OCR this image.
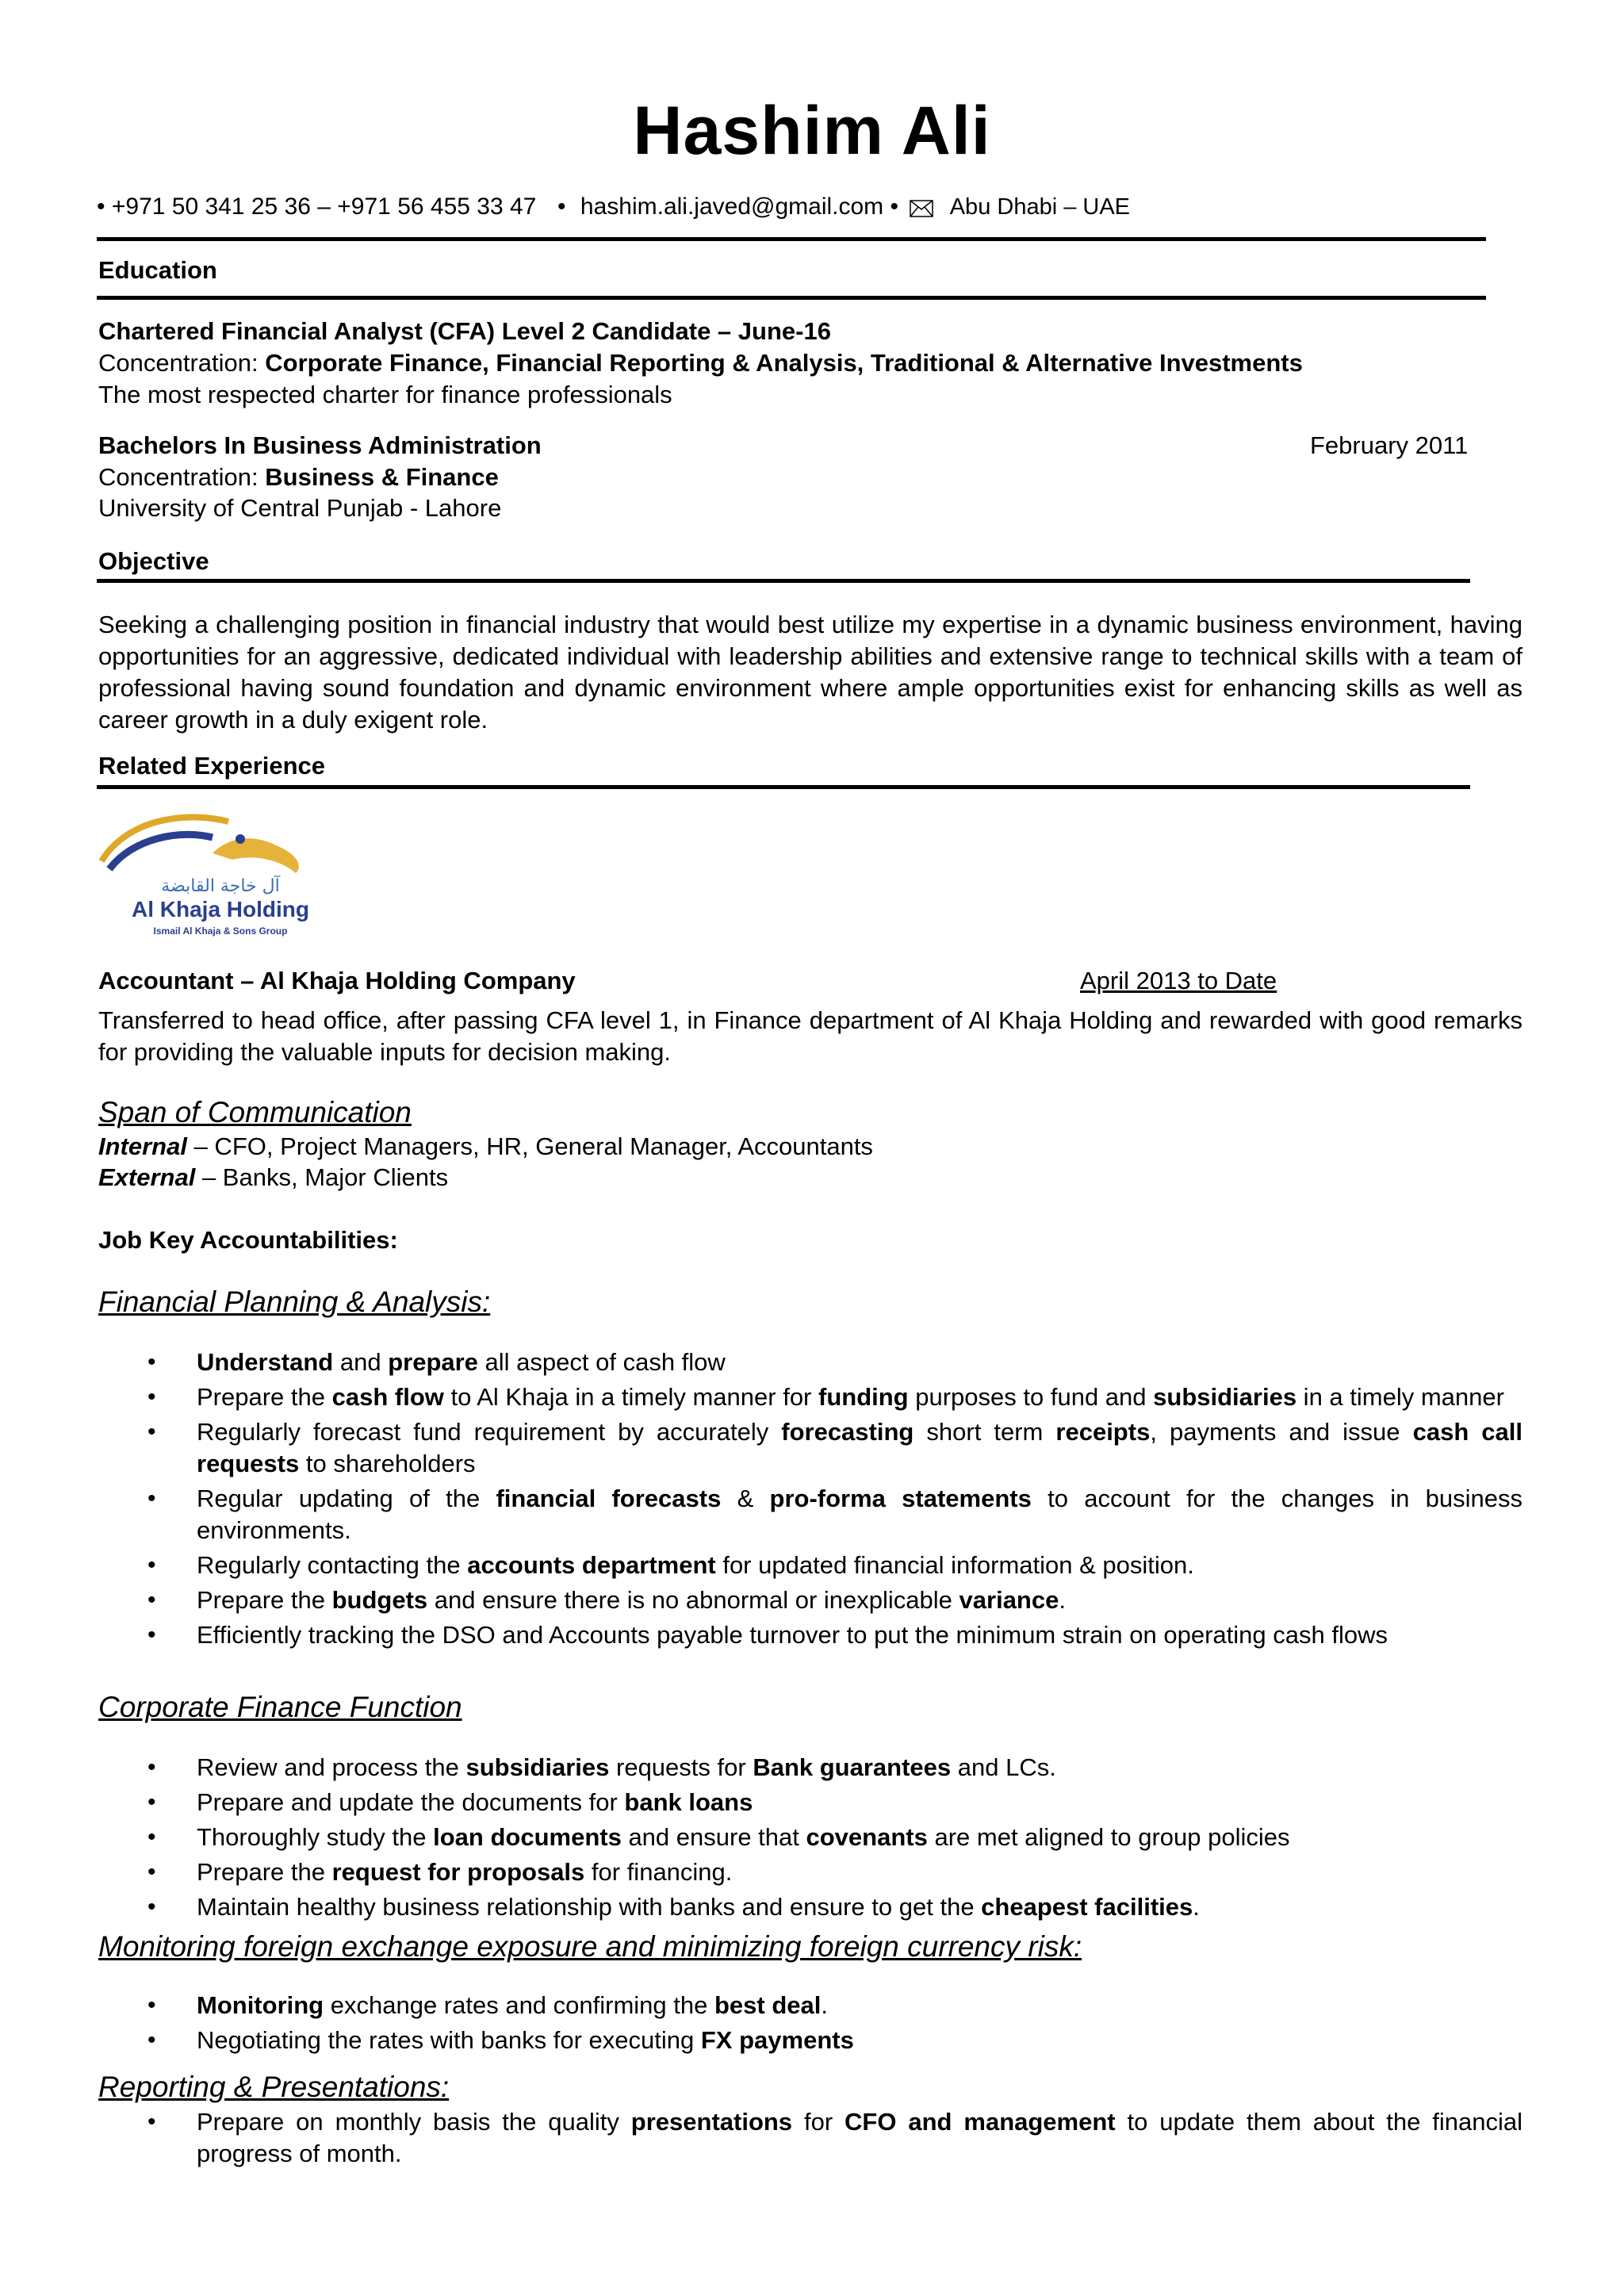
Hashim Ali
• +971 50 341 25 36 – +971 56 455 33 47  • hashim.ali.javed@gmail.com • Abu Dhabi – UAE
Education
Chartered Financial Analyst (CFA) Level 2 Candidate – June-16
Concentration: Corporate Finance, Financial Reporting & Analysis, Traditional & Alternative Investments
The most respected charter for finance professionals
Bachelors In Business Administration	February 2011
Concentration: Business & Finance
University of Central Punjab - Lahore
Objective
Seeking a challenging position in financial industry that would best utilize my expertise in a dynamic business environment, having opportunities for an aggressive, dedicated individual with leadership abilities and extensive range to technical skills with a team of professional having sound foundation and dynamic environment where ample opportunities exist for enhancing skills as well as career growth in a duly exigent role.
Related Experience
آل خاجة القابضة
Al Khaja Holding
Ismail Al Khaja & Sons Group
Accountant – Al Khaja Holding Company	April 2013 to Date
Transferred to head office, after passing CFA level 1, in Finance department of Al Khaja Holding and rewarded with good remarks for providing the valuable inputs for decision making.
Span of Communication
Internal – CFO, Project Managers, HR, General Manager, Accountants
External – Banks, Major Clients
Job Key Accountabilities:
Financial Planning & Analysis:
• Understand and prepare all aspect of cash flow
• Prepare the cash flow to Al Khaja in a timely manner for funding purposes to fund and subsidiaries in a timely manner
• Regularly forecast fund requirement by accurately forecasting short term receipts, payments and issue cash call requests to shareholders
• Regular updating of the financial forecasts & pro-forma statements to account for the changes in business environments.
• Regularly contacting the accounts department for updated financial information & position.
• Prepare the budgets and ensure there is no abnormal or inexplicable variance.
• Efficiently tracking the DSO and Accounts payable turnover to put the minimum strain on operating cash flows
Corporate Finance Function
• Review and process the subsidiaries requests for Bank guarantees and LCs.
• Prepare and update the documents for bank loans
• Thoroughly study the loan documents and ensure that covenants are met aligned to group policies
• Prepare the request for proposals for financing.
• Maintain healthy business relationship with banks and ensure to get the cheapest facilities.
Monitoring foreign exchange exposure and minimizing foreign currency risk:
• Monitoring exchange rates and confirming the best deal.
• Negotiating the rates with banks for executing FX payments
Reporting & Presentations:
• Prepare on monthly basis the quality presentations for CFO and management to update them about the financial progress of month.
